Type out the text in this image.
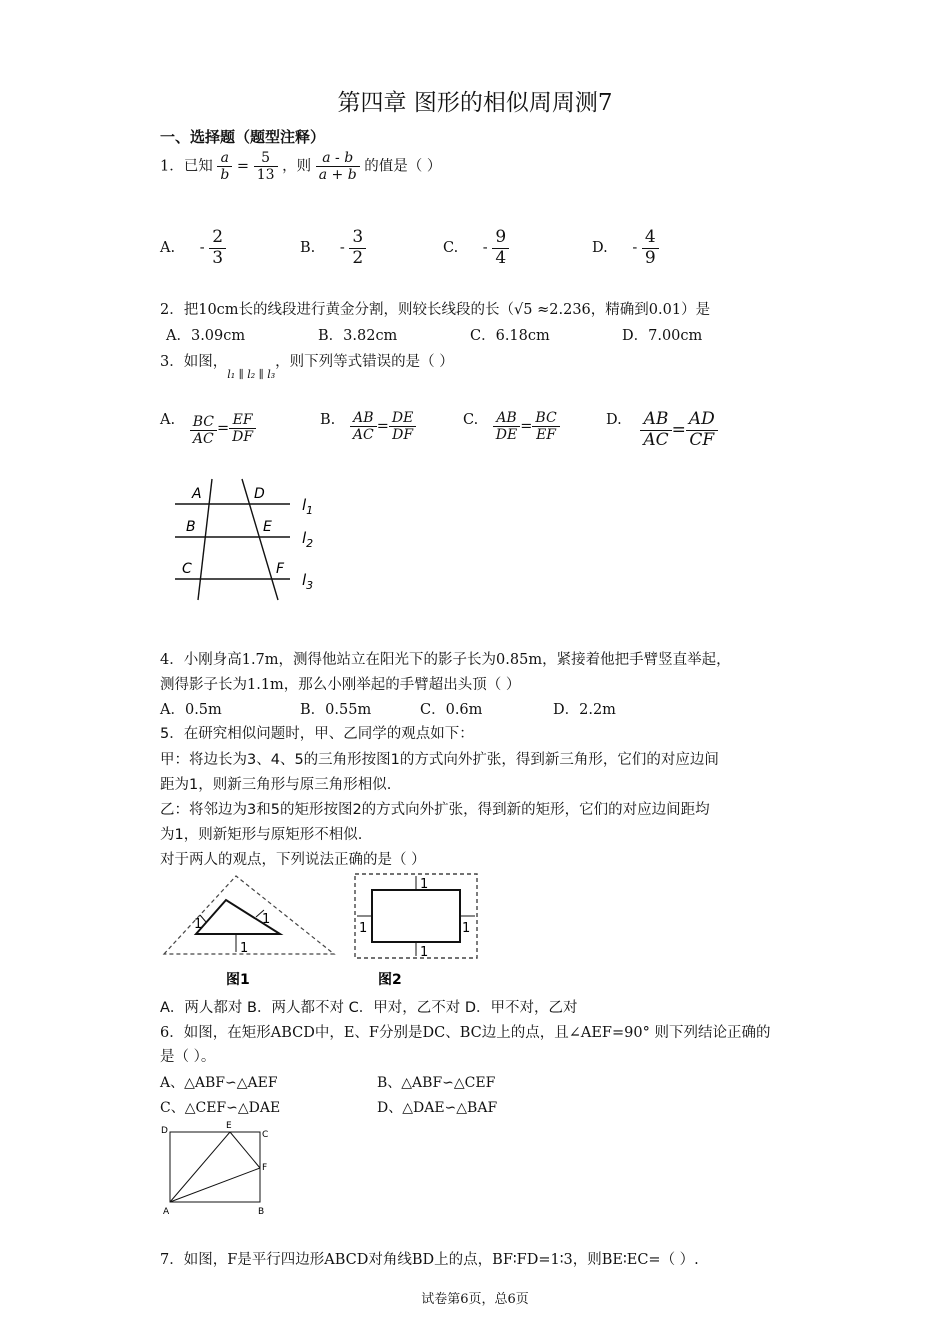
第四章 图形的相似周周测7
一、选择题（题型注释）
1．已知 $\frac{a}{b} = \frac{5}{13}$ ，则 $\frac{a - b}{a + b}$ 的值是（ ）
A. - $\frac{2}{3}$	B. - $\frac{3}{2}$	C. - $\frac{9}{4}$	D. - $\frac{4}{9}$
2．把10cm长的线段进行黄金分割，则较长线段的长（√5 ≈2.236，精确到0.01）是
A．3.09cm	B．3.82cm	C．6.18cm	D．7.00cm
3．如图，$_{l_1 \parallel l_2 \parallel l_3}$，则下列等式错误的是（ ）
A. $\frac{BC}{AC} = \frac{EF}{DF}$	B. $\frac{AB}{AC} = \frac{DE}{DF}$	C. $\frac{AB}{DE} = \frac{BC}{EF}$	D. $\frac{AB}{AC} = \frac{AD}{CF}$
A	D
B	E
C	F
$l_1$
$l_2$
$l_3$
4．小刚身高1.7m，测得他站立在阳光下的影子长为0.85m，紧接着他把手臂竖直举起，
测得影子长为1.1m，那么小刚举起的手臂超出头顶（ ）
A．0.5m	B．0.55m	C．0.6m	D．2.2m
5．在研究相似问题时，甲、乙同学的观点如下：
甲：将边长为3、4、5的三角形按图1的方式向外扩张，得到新三角形，它们的对应边间
距为1，则新三角形与原三角形相似.
乙：将邻边为3和5的矩形按图2的方式向外扩张，得到新的矩形，它们的对应边间距均
为1，则新矩形与原矩形不相似.
对于两人的观点，下列说法正确的是（ ）
1
1	1
图1
1
1
1	1
图2
A．两人都对 B．两人都不对 C．甲对，乙不对 D．甲不对，乙对
6．如图，在矩形ABCD中，E、F分别是DC、BC边上的点，且∠AEF=90° 则下列结论正确的
是（ ）。
A、△ABF∽△AEF	B、△ABF∽△CEF
C、△CEF∽△DAE	D、△DAE∽△BAF
D	E
C
F
A	B
7．如图，F是平行四边形ABCD对角线BD上的点，BF∶FD=1∶3，则BE∶EC=（ ）.
试卷第6页，总6页
